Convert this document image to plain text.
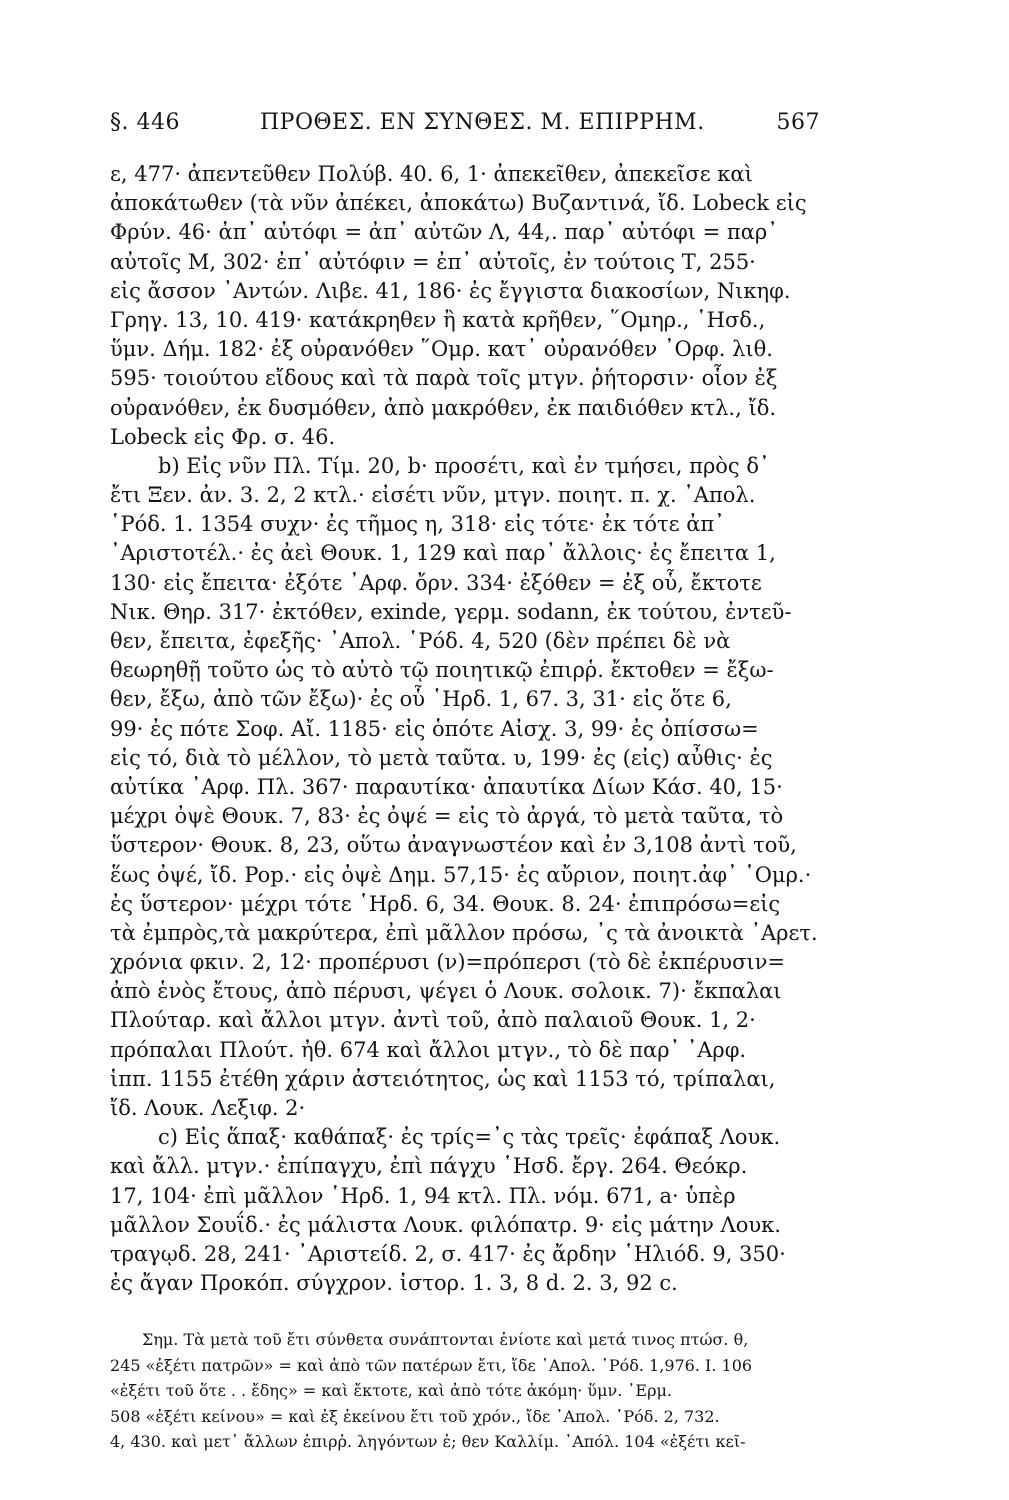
§. 446	ΠΡΟΘΕΣ. ΕΝ ΣΥΝΘΕΣ. Μ. ΕΠΙΡΡΗΜ.	567
ε, 477· ἀπεντεῦθεν Πολύβ. 40. 6, 1· ἀπεκεῖθεν, ἀπεκεῖσε καὶ
ἀποκάτωθεν (τὰ νῦν ἀπέκει, ἀποκάτω) Βυζαντινά, ἴδ. Lobeck εἰς
Φρύν. 46· ἀπ᾽ αὐτόφι = ἀπ᾽ αὐτῶν Λ, 44,. παρ᾽ αὐτόφι = παρ᾽
αὐτοῖς Μ, 302· ἐπ᾽ αὐτόφιν = ἐπ᾽ αὐτοῖς, ἐν τούτοις Τ, 255·
εἰς ἄσσον ᾽Αντών. Λιβε. 41, 186· ἐς ἔγγιστα διακοσίων, Νικηφ.
Γρηγ. 13, 10. 419· κατάκρηθεν ἢ κατὰ κρῆθεν, ῞Ομηρ., ῾Ησδ.,
ὕμν. Δήμ. 182· ἐξ οὐρανόθεν ῞Ομρ. κατ᾽ οὐρανόθεν ᾽Ορφ. λιθ.
595· τοιούτου εἴδους καὶ τὰ παρὰ τοῖς μτγν. ῥήτορσιν· οἷον ἐξ
οὐρανόθεν, ἐκ δυσμόθεν, ἀπὸ μακρόθεν, ἐκ παιδιόθεν κτλ., ἴδ.
Lobeck εἰς Φρ. σ. 46.
b) Εἰς νῦν Πλ. Τίμ. 20, b· προσέτι, καὶ ἐν τμήσει, πρὸς δ᾽
ἔτι Ξεν. ἀν. 3. 2, 2 κτλ.· εἰσέτι νῦν, μτγν. ποιητ. π. χ. ᾽Απολ.
῾Ρόδ. 1. 1354 συχν· ἐς τῆμος η, 318· εἰς τότε· ἐκ τότε ἀπ᾽
᾽Αριστοτέλ.· ἐς ἀεὶ Θουκ. 1, 129 καὶ παρ᾽ ἄλλοις· ἐς ἔπειτα 1,
130· εἰς ἔπειτα· ἐξότε ᾽Αρφ. ὄρν. 334· ἐξόθεν = ἐξ οὗ, ἔκτοτε
Νικ. Θηρ. 317· ἐκτόθεν, exinde, γερμ. sodann, ἐκ τούτου, ἐντεῦ-
θεν, ἔπειτα, ἐφεξῆς· ᾽Απολ. ῾Ρόδ. 4, 520 (δὲν πρέπει δὲ νὰ
θεωρηθῇ τοῦτο ὡς τὸ αὐτὸ τῷ ποιητικῷ ἐπιρῥ. ἔκτοθεν = ἔξω-
θεν, ἔξω, ἀπὸ τῶν ἔξω)· ἐς οὗ ῾Ηρδ. 1, 67. 3, 31· εἰς ὅτε 6,
99· ἐς πότε Σοφ. Αἴ. 1185· εἰς ὁπότε Αἰσχ. 3, 99· ἐς ὀπίσσω=
εἰς τό, διὰ τὸ μέλλον, τὸ μετὰ ταῦτα. υ, 199· ἐς (εἰς) αὖθις· ἐς
αὐτίκα ᾽Αρφ. Πλ. 367· παραυτίκα· ἀπαυτίκα Δίων Κάσ. 40, 15·
μέχρι ὀψὲ Θουκ. 7, 83· ἐς ὀψέ = εἰς τὸ ἀργά, τὸ μετὰ ταῦτα, τὸ
ὕστερον· Θουκ. 8, 23, οὕτω ἀναγνωστέον καὶ ἐν 3,108 ἀντὶ τοῦ,
ἕως ὀψέ, ἴδ. Pop.· εἰς ὀψὲ Δημ. 57,15· ἐς αὔριον, ποιητ.ἀφ᾽ ῾Ομρ.·
ἐς ὕστερον· μέχρι τότε ῾Ηρδ. 6, 34. Θουκ. 8. 24· ἐπιπρόσω=εἰς
τὰ ἐμπρὸς,τὰ μακρύτερα, ἐπὶ μᾶλλον πρόσω, ᾽ς τὰ ἀνοικτὰ ᾽Αρετ.
χρόνια φκιν. 2, 12· προπέρυσι (ν)=πρόπερσι (τὸ δὲ ἐκπέρυσιν=
ἀπὸ ἑνὸς ἔτους, ἀπὸ πέρυσι, ψέγει ὁ Λουκ. σολοικ. 7)· ἔκπαλαι
Πλούταρ. καὶ ἄλλοι μτγν. ἀντὶ τοῦ, ἀπὸ παλαιοῦ Θουκ. 1, 2·
πρόπαλαι Πλούτ. ἠθ. 674 καὶ ἄλλοι μτγν., τὸ δὲ παρ᾽ ᾽Αρφ.
ἱππ. 1155 ἐτέθη χάριν ἀστειότητος, ὡς καὶ 1153 τό, τρίπαλαι,
ἴδ. Λουκ. Λεξιφ. 2·
c) Εἰς ἅπαξ· καθάπαξ· ἐς τρίς=᾽ς τὰς τρεῖς· ἐφάπαξ Λουκ.
καὶ ἄλλ. μτγν.· ἐπίπαγχυ, ἐπὶ πάγχυ ῾Ησδ. ἔργ. 264. Θεόκρ.
17, 104· ἐπὶ μᾶλλον ῾Ηρδ. 1, 94 κτλ. Πλ. νόμ. 671, a· ὑπὲρ
μᾶλλον Σουΐδ.· ἐς μάλιστα Λουκ. φιλόπατρ. 9· εἰς μάτην Λουκ.
τραγῳδ. 28, 241· ᾽Αριστείδ. 2, σ. 417· ἐς ἄρδην ῾Ηλιόδ. 9, 350·
ἐς ἄγαν Προκόπ. σύγχρον. ἱστορ. 1. 3, 8 d. 2. 3, 92 c.
Σημ. Τὰ μετὰ τοῦ ἔτι σύνθετα συνάπτονται ἐνίοτε καὶ μετά τινος πτώσ. θ,
245 «ἐξέτι πατρῶν» = καὶ ἀπὸ τῶν πατέρων ἔτι, ἴδε ᾽Απολ. ῾Ρόδ. 1,976. Ι. 106
«ἐξέτι τοῦ ὅτε . . ἔδης» = καὶ ἔκτοτε, καὶ ἀπὸ τότε ἀκόμη· ὕμν. ῾Ερμ.
508 «ἐξέτι κείνου» = καὶ ἐξ ἐκείνου ἔτι τοῦ χρόν., ἴδε ᾽Απολ. ῾Ρόδ. 2, 732.
4, 430. καὶ μετ᾽ ἄλλων ἐπιρῥ. ληγόντων ἐ; θεν Καλλίμ. ᾽Απόλ. 104 «ἐξέτι κεῖ-
